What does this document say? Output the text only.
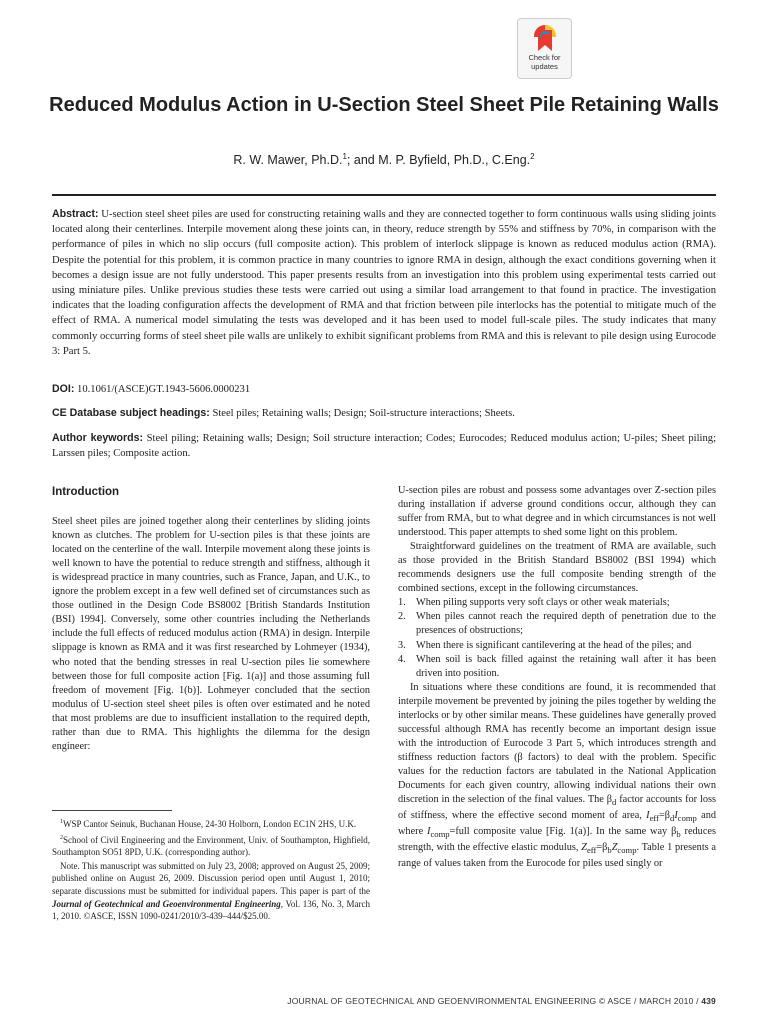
Check for
updates
Reduced Modulus Action in U-Section Steel Sheet Pile Retaining Walls
R. W. Mawer, Ph.D.$^1$; and M. P. Byfield, Ph.D., C.Eng.$^2$
Abstract: U-section steel sheet piles are used for constructing retaining walls and they are connected together to form continuous walls using sliding joints located along their centerlines. Interpile movement along these joints can, in theory, reduce strength by 55% and stiffness by 70%, in comparison with the performance of piles in which no slip occurs (full composite action). This problem of interlock slippage is known as reduced modulus action (RMA). Despite the potential for this problem, it is common practice in many countries to ignore RMA in design, although the exact conditions governing when it becomes a design issue are not fully understood. This paper presents results from an investigation into this problem using experimental tests carried out using miniature piles. Unlike previous studies these tests were carried out using a similar load arrangement to that found in practice. The investigation indicates that the loading configuration affects the development of RMA and that friction between pile interlocks has the potential to mitigate much of the effect of RMA. A numerical model simulating the tests was developed and it has been used to model full-scale piles. The study indicates that many commonly occurring forms of steel sheet pile walls are unlikely to exhibit significant problems from RMA and this is relevant to pile design using Eurocode 3: Part 5.
DOI: 10.1061/(ASCE)GT.1943-5606.0000231
CE Database subject headings: Steel piles; Retaining walls; Design; Soil-structure interactions; Sheets.
Author keywords: Steel piling; Retaining walls; Design; Soil structure interaction; Codes; Eurocodes; Reduced modulus action; U-piles; Sheet piling; Larssen piles; Composite action.

Introduction

Steel sheet piles are joined together along their centerlines by sliding joints known as clutches. The problem for U-section piles is that these joints are located on the centerline of the wall. Interpile movement along these joints is well known to have the potential to reduce strength and stiffness, although it is widespread practice in many countries, such as France, Japan, and U.K., to ignore the problem except in a few well defined set of circumstances such as those outlined in the Design Code BS8002 [British Standards Institution (BSI) 1994]. Conversely, some other countries including the Netherlands include the full effects of reduced modulus action (RMA) in design. Interpile slippage is known as RMA and it was first researched by Lohmeyer (1934), who noted that the bending stresses in real U-section piles lie somewhere between those for full composite action [Fig. 1(a)] and those assuming full freedom of movement [Fig. 1(b)]. Lohmeyer concluded that the section modulus of U-section steel sheet piles is often over estimated and he noted that most problems are due to insufficient installation to the required depth, rather than due to RMA. This highlights the dilemma for the design engineer:

$^1$WSP Cantor Seinuk, Buchanan House, 24-30 Holborn, London EC1N 2HS, U.K.

$^2$School of Civil Engineering and the Environment, Univ. of Southampton, Highfield, Southampton SO51 8PD, U.K. (corresponding author).

Note. This manuscript was submitted on July 23, 2008; approved on August 25, 2009; published online on August 26, 2009. Discussion period open until August 1, 2010; separate discussions must be submitted for individual papers. This paper is part of the Journal of Geotechnical and Geoenvironmental Engineering, Vol. 136, No. 3, March 1, 2010. ©ASCE, ISSN 1090-0241/2010/3-439–444/$25.00.

U-section piles are robust and possess some advantages over Z-section piles during installation if adverse ground conditions occur, although they can suffer from RMA, but to what degree and in which circumstances is not well understood. This paper attempts to shed some light on this problem.

Straightforward guidelines on the treatment of RMA are available, such as those provided in the British Standard BS8002 (BSI 1994) which recommends designers use the full composite bending strength of the combined sections, except in the following circumstances.

1. When piling supports very soft clays or other weak materials;
2. When piles cannot reach the required depth of penetration due to the presences of obstructions;
3. When there is significant cantilevering at the head of the piles; and
4. When soil is back filled against the retaining wall after it has been driven into position.

In situations where these conditions are found, it is recommended that interpile movement be prevented by joining the piles together by welding the interlocks or by other similar means. These guidelines have generally proved successful although RMA has recently become an important design issue with the introduction of Eurocode 3 Part 5, which introduces strength and stiffness reduction factors (β factors) to deal with the problem. Specific values for the reduction factors are tabulated in the National Application Documents for each given country, allowing individual nations their own discretion in the selection of the final values. The $\beta_d$ factor accounts for loss of stiffness, where the effective second moment of area, $I_{eff}=\beta_dI_{comp}$ and where $I_{comp}=full$ composite value [Fig. 1(a)]. In the same way $\beta_b$ reduces strength, with the effective elastic modulus, $Z_{eff}=\beta_bZ_{comp}$. Table 1 presents a range of values taken from the Eurocode for piles used singly or

JOURNAL OF GEOTECHNICAL AND GEOENVIRONMENTAL ENGINEERING © ASCE / MARCH 2010 / 439
